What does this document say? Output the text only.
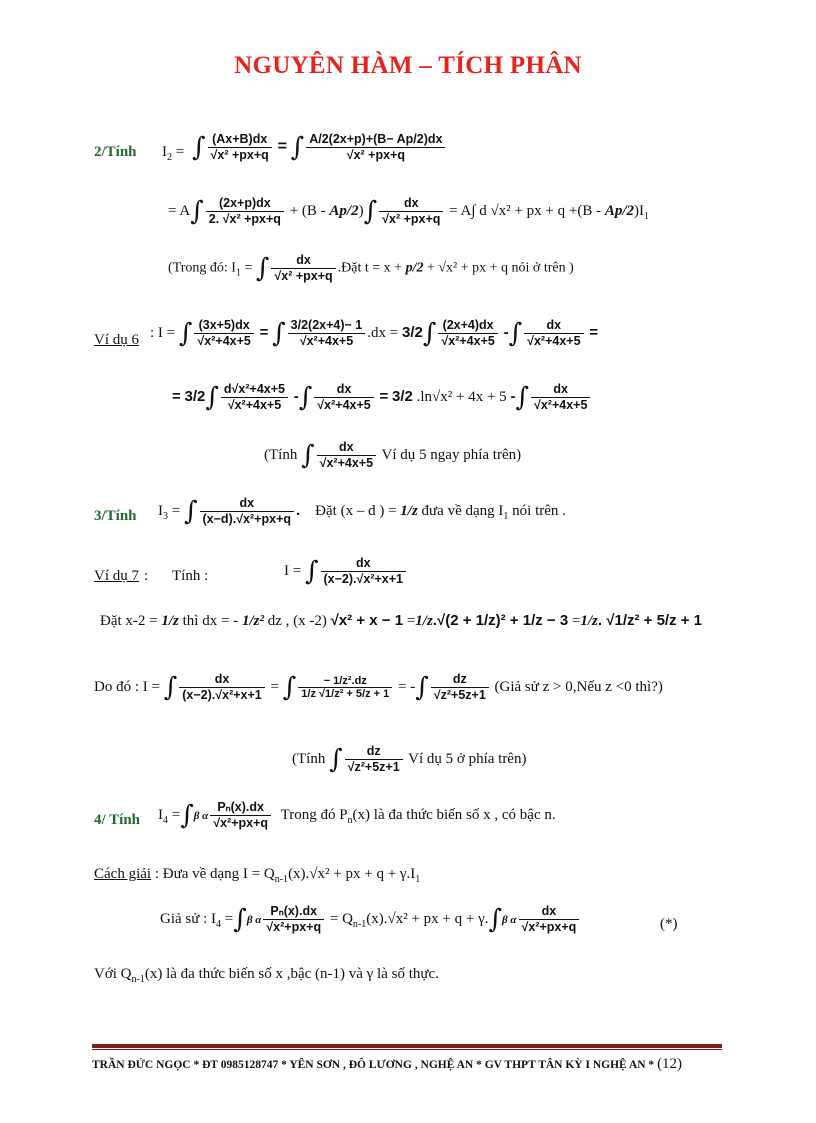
NGUYÊN HÀM – TÍCH PHÂN
2/Tính $I_2$ = ∫ $\frac{(Ax+B)dx}{\text{√x² +px+q}}$ = ∫ $\frac{A/2(2x+p)+(B- Ap/2)dx}{\text{√x² +px+q}}$
= $A\int \frac{(2x+p)dx}{\text{2. √x² +px+q}} + (B - Ap/2)\int \frac{dx}{\text{√x² +px+q}} = A\int$ d √x² + px + $q +(B - Ap/2)I_1$
(Trong đó: $I_1$ = ∫ $\frac{dx}{\text{√x² +px+q}}$ .Đặt t = x + p/2 + √x² + px + q nói ở trên )
Ví dụ 6 : I = ∫ $\frac{(3x+5)dx}{\text{√x²+4x+5}}$ = ∫ $\frac{3/2(2x+4)- 1}{\text{√x²+4x+5}} .dx = 3/2\int \frac{(2x+4)dx}{\text{√x²+4x+5}}$ -∫ $\frac{dx}{\text{√x²+4x+5}}$ =
= $3/2\int \frac{\text{d√x²+4x+5}}{\text{√x²+4x+5}}$ -∫ $\frac{dx}{\text{√x²+4x+5}} = 3/2$ .ln√x² + 4x + 5 -∫ $\frac{dx}{\text{√x²+4x+5}}$
(Tính ∫ $\frac{dx}{\text{√x²+4x+5}}$ Ví dụ 5 ngay phía trên)
3/Tính $I_3$ = ∫ $\frac{dx}{\text{(x−d).√x²+px+q}}$ . Đặt (x – d ) = 1/z đưa về dạng $I_1$ nói trên .
Ví dụ 7 : Tính :	I = ∫ $\frac{dx}{\text{(x−2).√x²+x+1}}$
Đặt x-2 = 1/z thì dx = - 1/z² dz , (x -2) √x² + x − 1 =1/z.√(2 + 1/z)² + 1/z − 3 =1/z. √1/z² + 5/z + 1
Do đó : I = ∫ $\frac{dx}{\text{(x−2).√x²+x+1}}$ = ∫ $\frac{\text{− 1/z².dz}}{\text{1/z √1/z² + 5/z + 1}}$ = -∫ $\frac{dz}{\text{√z²+5z+1}}$ (Giả sử z > 0,Nếu z <0 thì?)
(Tính ∫ $\frac{dz}{\text{√z²+5z+1}}$ Ví dụ 5 ở phía trên)
4/ Tính $I_4 =\int\beta$ α $\frac{\text{Pₙ(x).dx}}{\text{√x²+px+q}}$ Trong đó $P_n(x)$ là đa thức biến số x , có bậc n.
Cách giải : Đưa về dạng $I = Q_{n-1}(x).√x^2$ + px + $q + \gamma.I_1$
Giả sử : $I_4 =\int\beta$ α $\frac{\text{Pₙ(x).dx}}{\text{√x²+px+q}} = Q_{n-1}(x).√x^2$ + px + q + γ.∫β α $\frac{dx}{\text{√x²+px+q}}$	(*)
Với $Q_{n-1}(x)$ là đa thức biến số x ,bậc (n-1) và γ là số thực.
TRẦN ĐỨC NGỌC * ĐT 0985128747 * YÊN SƠN , ĐÔ LƯƠNG , NGHỆ AN * GV THPT TÂN KỲ I NGHỆ AN * (12)
